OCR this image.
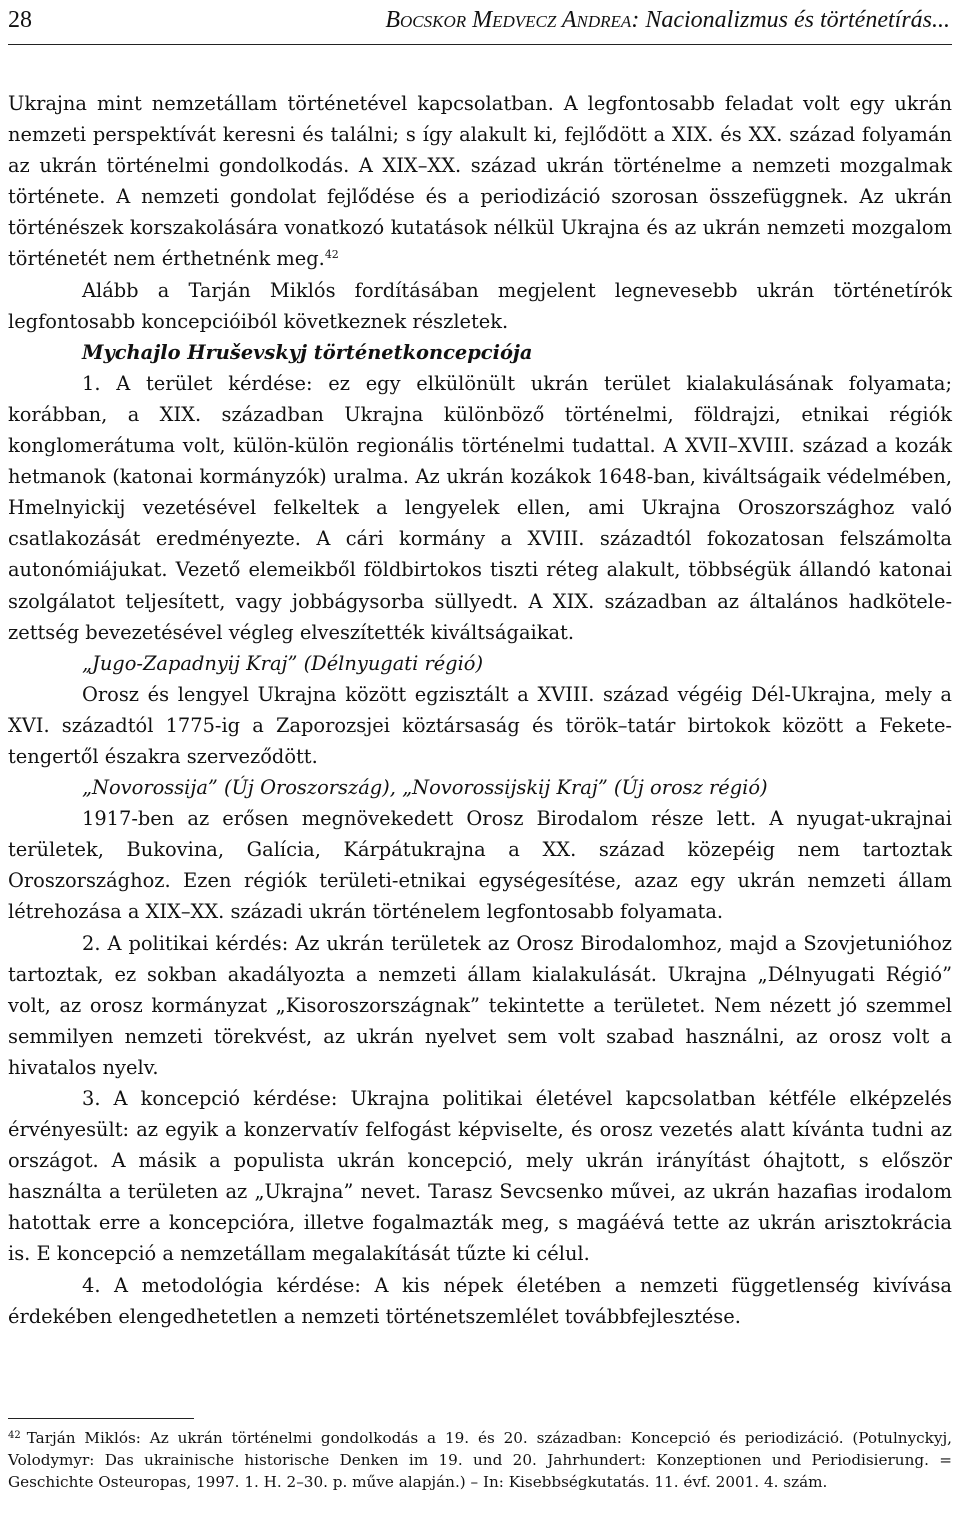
28	Bocskor Medvecz Andrea: Nacionalizmus és történetírás...

Ukrajna mint nemzetállam történetével kapcsolatban. A legfontosabb feladat volt egy ukrán nemzeti perspektívát keresni és találni; s így alakult ki, fejlődött a XIX. és XX. század folyamán az ukrán történelmi gondolkodás. A XIX–XX. század ukrán történelme a nemzeti mozgalmak története. A nemzeti gondolat fejlődése és a periodizáció szorosan összefüggnek. Az ukrán történészek korszakolására vonatkozó kutatások nélkül Ukrajna és az ukrán nemzeti mozgalom történetét nem érthetnénk meg.$^{42}$

Alább a Tarján Miklós fordításában megjelent legnevesebb ukrán történetírók legfontosabb koncepcióiból következnek részletek.

Mychajlo Hruševskyj történetkoncepciója

1. A terület kérdése: ez egy elkülönült ukrán terület kialakulásának folyamata; korábban, a XIX. században Ukrajna különböző történelmi, földrajzi, etnikai régiók konglomerátuma volt, külön-külön regionális történelmi tudattal. A XVII–XVIII. század a kozák hetmanok (katonai kormányzók) uralma. Az ukrán kozákok 1648-ban, kiváltságaik védelmében, Hmelnyickij vezetésével felkeltek a lengyelek ellen, ami Ukrajna Oroszországhoz való csatlakozását eredményezte. A cári kormány a XVIII. századtól fokozatosan felszámolta autonómiájukat. Vezető elemeikből földbirtokos tiszti réteg alakult, többségük állandó katonai szolgálatot teljesített, vagy jobbágysorba süllyedt. A XIX. században az általános hadkötelezettség bevezetésével végleg elveszítették kiváltságaikat.

„Jugo-Zapadnyij Kraj” (Délnyugati régió)

Orosz és lengyel Ukrajna között egzisztált a XVIII. század végéig Dél-Ukrajna, mely a XVI. századtól 1775-ig a Zaporozsjei köztársaság és török–tatár birtokok között a Fekete-tengertől északra szerveződött.

„Novorossija” (Új Oroszország), „Novorossijskij Kraj” (Új orosz régió)

1917-ben az erősen megnövekedett Orosz Birodalom része lett. A nyugat-ukrajnai területek, Bukovina, Galícia, Kárpátukrajna a XX. század közepéig nem tartoztak Oroszországhoz. Ezen régiók területi-etnikai egységesítése, azaz egy ukrán nemzeti állam létrehozása a XIX–XX. századi ukrán történelem legfontosabb folyamata.

2. A politikai kérdés: Az ukrán területek az Orosz Birodalomhoz, majd a Szovjetunióhoz tartoztak, ez sokban akadályozta a nemzeti állam kialakulását. Ukrajna „Délnyugati Régió” volt, az orosz kormányzat „Kisoroszországnak” tekintette a területet. Nem nézett jó szemmel semmilyen nemzeti törekvést, az ukrán nyelvet sem volt szabad használni, az orosz volt a hivatalos nyelv.

3. A koncepció kérdése: Ukrajna politikai életével kapcsolatban kétféle elképzelés érvényesült: az egyik a konzervatív felfogást képviselte, és orosz vezetés alatt kívánta tudni az országot. A másik a populista ukrán koncepció, mely ukrán irányítást óhajtott, s először használta a területen az „Ukrajna” nevet. Tarasz Sevcsenko művei, az ukrán hazafias irodalom hatottak erre a koncepcióra, illetve fogalmazták meg, s magáévá tette az ukrán arisztokrácia is. E koncepció a nemzetállam megalakítását tűzte ki célul.

4. A metodológia kérdése: A kis népek életében a nemzeti függetlenség kivívása érdekében elengedhetetlen a nemzeti történetszemlélet továbbfejlesztése.

$^{42}$ Tarján Miklós: Az ukrán történelmi gondolkodás a 19. és 20. században: Koncepció és periodizáció. (Potulnyckyj, Volodymyr: Das ukrainische historische Denken im 19. und 20. Jahrhundert: Konzeptionen und Periodisierung. = Geschichte Osteuropas, 1997. 1. H. 2–30. p. műve alapján.) – In: Kisebbségkutatás. 11. évf. 2001. 4. szám.
